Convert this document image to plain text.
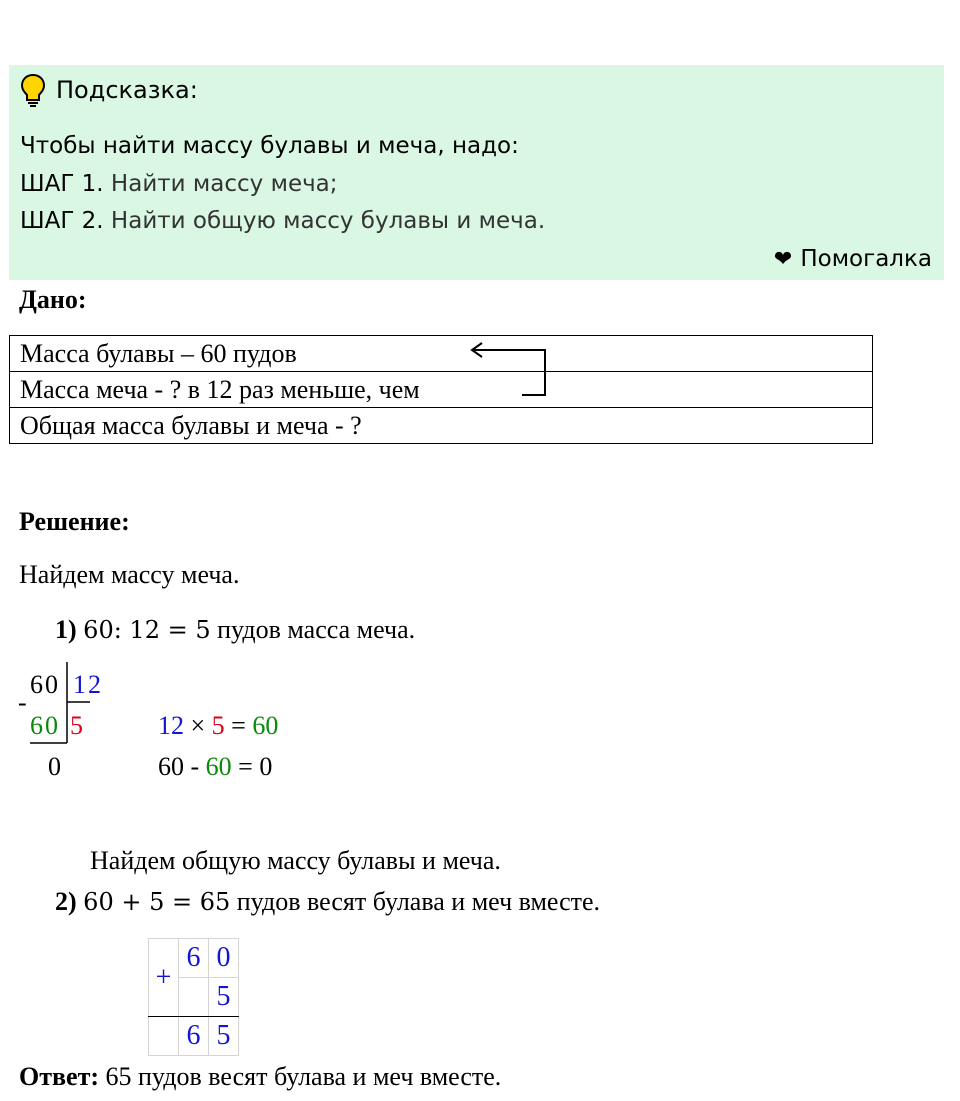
Подсказка:
Чтобы найти массу булавы и меча, надо:
ШАГ 1. Найти массу меча;
ШАГ 2. Найти общую массу булавы и меча.
❤ Помогалка
Дано:
Масса булавы – 60 пудов
Масса меча - ? в 12 раз меньше, чем
Общая масса булавы и меча - ?
Решение:
Найдем массу меча.
1) 60: 12 = 5 пудов масса меча.
60 1 2
-
60 5
0
12 × 5 = 60
60 - 60 = 0
Найдем общую массу булавы и меча.
2) 60 + 5 = 65 пудов весят булава и меч вместе.
+	6	0
		5
	6	5
Ответ: 65 пудов весят булава и меч вместе.
